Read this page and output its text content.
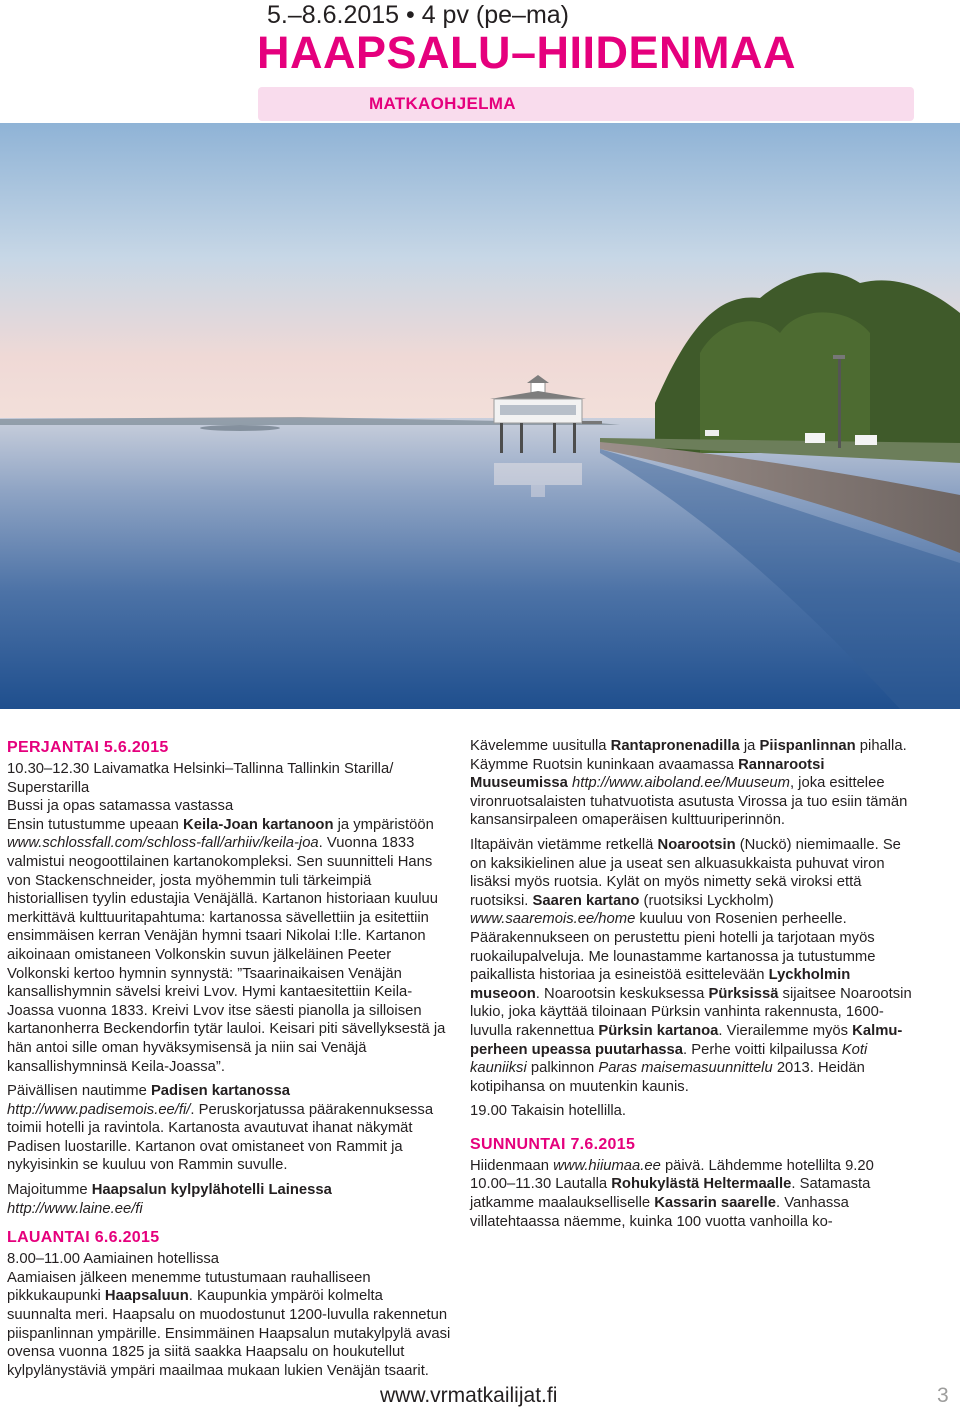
5.–8.6.2015 • 4 pv (pe–ma)
HAAPSALU–HIIDENMAA
MATKAOHJELMA
PERJANTAI 5.6.2015

10.30–12.30 Laivamatka Helsinki–Tallinna Tallinkin Starilla/ Superstarilla

Bussi ja opas satamassa vastassa

Ensin tutustumme upeaan Keila-Joan kartanoon ja ympäristöön www.schlossfall.com/schloss-fall/arhiiv/keila-joa. Vuonna 1833 valmistui neogoottilainen kartanokompleksi. Sen suunnitteli Hans von Stackenschneider, josta myöhemmin tuli tärkeimpiä historiallisen tyylin edustajia Venäjällä. Kartanon historiaan kuuluu merkittävä kulttuuritapahtuma: kartanossa sävellettiin ja esitettiin ensimmäisen kerran Venäjän hymni tsaari Nikolai I:lle. Kartanon aikoinaan omistaneen Volkonskin suvun jälkeläinen Peeter Volkonski kertoo hymnin synnystä: ”Tsaarinaikaisen Venäjän kansallishymnin sävelsi kreivi Lvov. Hymi kantaesitettiin Keila-Joassa vuonna 1833. Kreivi Lvov itse säesti pianolla ja silloisen kartanonherra Beckendorfin tytär lauloi. Keisari piti sävellyksestä ja hän antoi sille oman hyväksymisensä ja niin sai Venäjä kansallishymninsä Keila-Joassa”.

Päivällisen nautimme Padisen kartanossa http://www.padisemois.ee/fi/. Peruskorjatussa päärakennuksessa toimii hotelli ja ravintola. Kartanosta avautuvat ihanat näkymät Padisen luostarille. Kartanon ovat omistaneet von Rammit ja nykyisinkin se kuuluu von Rammin suvulle.

Majoitumme Haapsalun kylpylähotelli Lainessa http://www.laine.ee/fi

LAUANTAI 6.6.2015

8.00–11.00 Aamiainen hotellissa

Aamiaisen jälkeen menemme tutustumaan rauhalliseen pikkukaupunki Haapsaluun. Kaupunkia ympäröi kolmelta suunnalta meri. Haapsalu on muodostunut 1200-luvulla rakennetun piispanlinnan ympärille. Ensimmäinen Haapsalun mutakylpylä avasi ovensa vuonna 1825 ja siitä saakka Haapsalu on houkutellut kylpylänystäviä ympäri maailmaa mukaan lukien Venäjän tsaarit.

Kävelemme uusitulla Rantapronenadilla ja Piispanlinnan pihalla. Käymme Ruotsin kuninkaan avaamassa Rannarootsi Muuseumissa http://www.aiboland.ee/Muuseum, joka esittelee vironruotsalaisten tuhatvuotista asutusta Virossa ja tuo esiin tämän kansansirpaleen omaperäisen kulttuuriperinnön.

Iltapäivän vietämme retkellä Noarootsin (Nuckö) niemimaalle. Se on kaksikielinen alue ja useat sen alkuasukkaista puhuvat viron lisäksi myös ruotsia. Kylät on myös nimetty sekä viroksi että ruotsiksi. Saaren kartano (ruotsiksi Lyckholm) www.saaremois.ee/home kuuluu von Rosenien perheelle. Päärakennukseen on perustettu pieni hotelli ja tarjotaan myös ruokailupalveluja. Me lounastamme kartanossa ja tutustumme paikallista historiaa ja esineistöä esittelevään Lyckholmin museoon. Noarootsin keskuksessa Pürksissä sijaitsee Noarootsin lukio, joka käyttää tiloinaan Pürksin vanhinta rakennusta, 1600-luvulla rakennettua Pürksin kartanoa. Vierailemme myös Kalmu-perheen upeassa puutarhassa. Perhe voitti kilpailussa Koti kauniiksi palkinnon Paras maisemasuunnittelu 2013. Heidän kotipihansa on muutenkin kaunis.

19.00 Takaisin hotellilla.

SUNNUNTAI 7.6.2015

Hiidenmaan www.hiiumaa.ee päivä. Lähdemme hotellilta 9.20

10.00–11.30 Lautalla Rohukylästä Heltermaalle. Satamasta jatkamme maalaukselliselle Kassarin saarelle. Vanhassa villatehtaassa näemme, kuinka 100 vuotta vanhoilla ko-

www.vrmatkailijat.fi	3
